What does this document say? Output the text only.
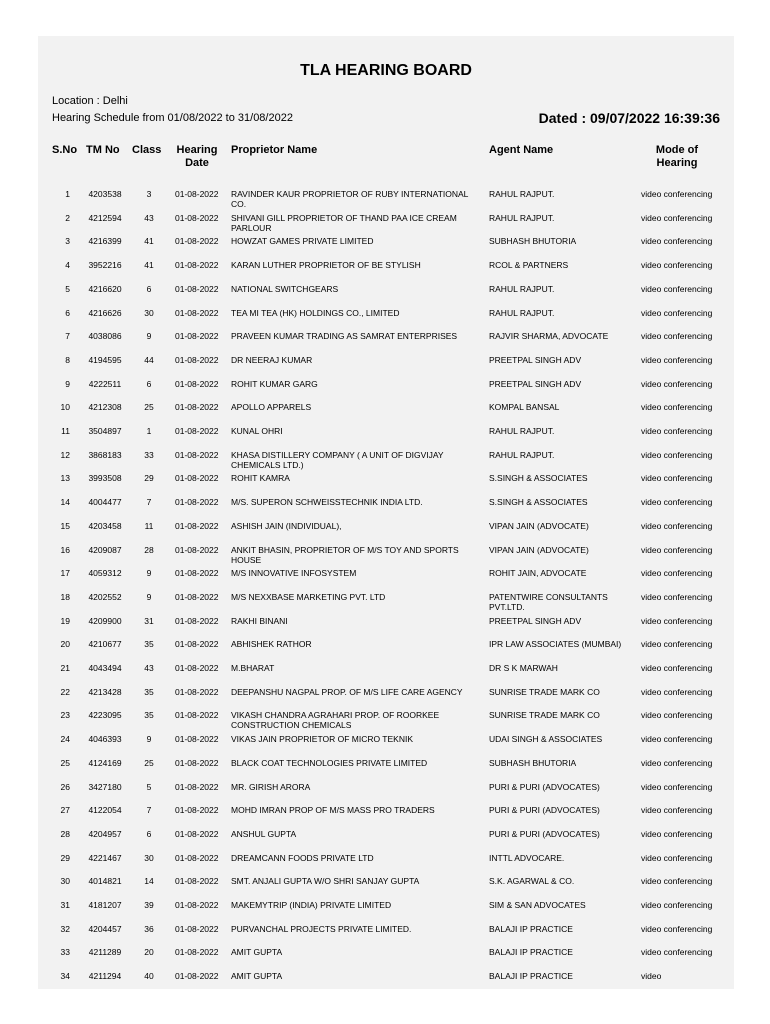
TLA HEARING BOARD
Location : Delhi
Hearing Schedule from 01/08/2022 to 31/08/2022	Dated : 09/07/2022 16:39:36
S.No TM No Class	Hearing Date
Proprietor Name	Agent Name	Mode of Hearing
1	4203538	3	01-08-2022 RAVINDER KAUR PROPRIETOR OF RUBY INTERNATIONAL CO.
RAHUL RAJPUT.	video conferencing
2	4212594	43	01-08-2022 SHIVANI GILL PROPRIETOR OF THAND PAA ICE CREAM PARLOUR
RAHUL RAJPUT.	video conferencing
3	4216399	41	01-08-2022 HOWZAT GAMES PRIVATE LIMITED	SUBHASH BHUTORIA	video conferencing
4	3952216	41	01-08-2022 KARAN LUTHER PROPRIETOR OF BE STYLISH	RCOL & PARTNERS	video conferencing
5	4216620	6	01-08-2022 NATIONAL SWITCHGEARS	RAHUL RAJPUT.	video conferencing
6	4216626	30	01-08-2022 TEA MI TEA (HK) HOLDINGS CO., LIMITED	RAHUL RAJPUT.	video conferencing
7	4038086	9	01-08-2022 PRAVEEN KUMAR TRADING AS SAMRAT ENTERPRISES	RAJVIR SHARMA, ADVOCATE	video conferencing
8	4194595	44	01-08-2022 DR NEERAJ KUMAR	PREETPAL SINGH ADV	video conferencing
9	4222511	6	01-08-2022 ROHIT KUMAR GARG	PREETPAL SINGH ADV	video conferencing
10	4212308	25	01-08-2022 APOLLO APPARELS	KOMPAL BANSAL	video conferencing
11	3504897	1	01-08-2022 KUNAL OHRI	RAHUL RAJPUT.	video conferencing
12	3868183	33	01-08-2022 KHASA DISTILLERY COMPANY ( A UNIT OF DIGVIJAY CHEMICALS LTD.)
RAHUL RAJPUT.	video conferencing
13	3993508	29	01-08-2022 ROHIT KAMRA	S.SINGH & ASSOCIATES	video conferencing
14	4004477	7	01-08-2022 M/S. SUPERON SCHWEISSTECHNIK INDIA LTD.	S.SINGH & ASSOCIATES	video conferencing
15	4203458	11	01-08-2022 ASHISH JAIN (INDIVIDUAL),	VIPAN JAIN (ADVOCATE)	video conferencing
16	4209087	28	01-08-2022 ANKIT BHASIN, PROPRIETOR OF M/S TOY AND SPORTS HOUSE
VIPAN JAIN (ADVOCATE)	video conferencing
17	4059312	9	01-08-2022 M/S INNOVATIVE INFOSYSTEM	ROHIT JAIN, ADVOCATE	video conferencing
18	4202552	9	01-08-2022 M/S NEXXBASE MARKETING PVT. LTD	PATENTWIRE CONSULTANTS PVT.LTD.
video conferencing
19	4209900	31	01-08-2022 RAKHI BINANI	PREETPAL SINGH ADV	video conferencing
20	4210677	35	01-08-2022 ABHISHEK RATHOR	IPR LAW ASSOCIATES (MUMBAI)	video conferencing
21	4043494	43	01-08-2022 M.BHARAT	DR S K MARWAH	video conferencing
22	4213428	35	01-08-2022 DEEPANSHU NAGPAL PROP. OF M/S LIFE CARE AGENCY	SUNRISE TRADE MARK CO	video conferencing
23	4223095	35	01-08-2022 VIKASH CHANDRA AGRAHARI PROP. OF ROORKEE CONSTRUCTION CHEMICALS
SUNRISE TRADE MARK CO	video conferencing
24	4046393	9	01-08-2022 VIKAS JAIN PROPRIETOR OF MICRO TEKNIK	UDAI SINGH & ASSOCIATES	video conferencing
25	4124169	25	01-08-2022 BLACK COAT TECHNOLOGIES PRIVATE LIMITED	SUBHASH BHUTORIA	video conferencing
26	3427180	5	01-08-2022 MR. GIRISH ARORA	PURI & PURI (ADVOCATES)	video conferencing
27	4122054	7	01-08-2022 MOHD IMRAN PROP OF M/S MASS PRO TRADERS	PURI & PURI (ADVOCATES)	video conferencing
28	4204957	6	01-08-2022 ANSHUL GUPTA	PURI & PURI (ADVOCATES)	video conferencing
29	4221467	30	01-08-2022 DREAMCANN FOODS PRIVATE LTD	INTTL ADVOCARE.	video conferencing
30	4014821	14	01-08-2022 SMT. ANJALI GUPTA W/O SHRI SANJAY GUPTA	S.K. AGARWAL & CO.	video conferencing
31	4181207	39	01-08-2022 MAKEMYTRIP (INDIA) PRIVATE LIMITED	SIM & SAN ADVOCATES	video conferencing
32	4204457	36	01-08-2022 PURVANCHAL PROJECTS PRIVATE LIMITED.	BALAJI IP PRACTICE	video conferencing
33	4211289	20	01-08-2022 AMIT GUPTA	BALAJI IP PRACTICE	video conferencing
34	4211294	40	01-08-2022 AMIT GUPTA	BALAJI IP PRACTICE	video
